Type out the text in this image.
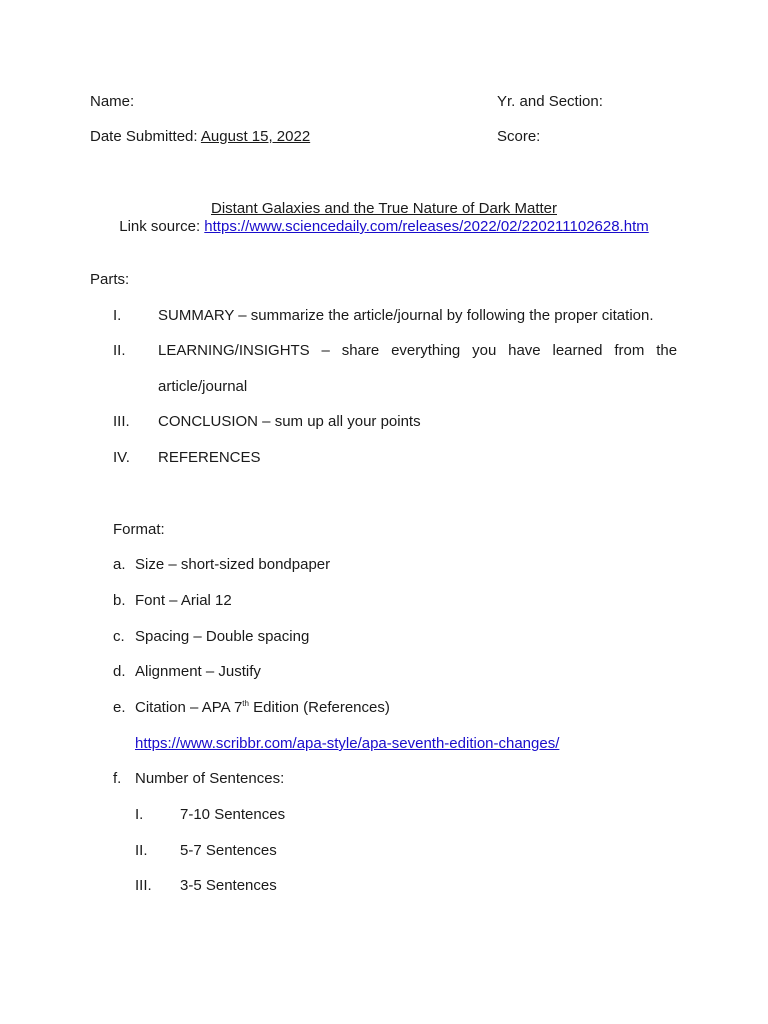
Name:	Yr. and Section:
Date Submitted: August 15, 2022	Score:
Distant Galaxies and the True Nature of Dark Matter
Link source: https://www.sciencedaily.com/releases/2022/02/220211102628.htm
Parts:
I. SUMMARY – summarize the article/journal by following the proper citation.
II. LEARNING/INSIGHTS – share everything you have learned from the
article/journal
III. CONCLUSION – sum up all your points
IV. REFERENCES
Format:
a. Size – short-sized bondpaper
b. Font – Arial 12
c. Spacing – Double spacing
d. Alignment – Justify
e. Citation – APA 7th Edition (References)
https://www.scribbr.com/apa-style/apa-seventh-edition-changes/
f. Number of Sentences:
I. 7-10 Sentences
II. 5-7 Sentences
III. 3-5 Sentences
